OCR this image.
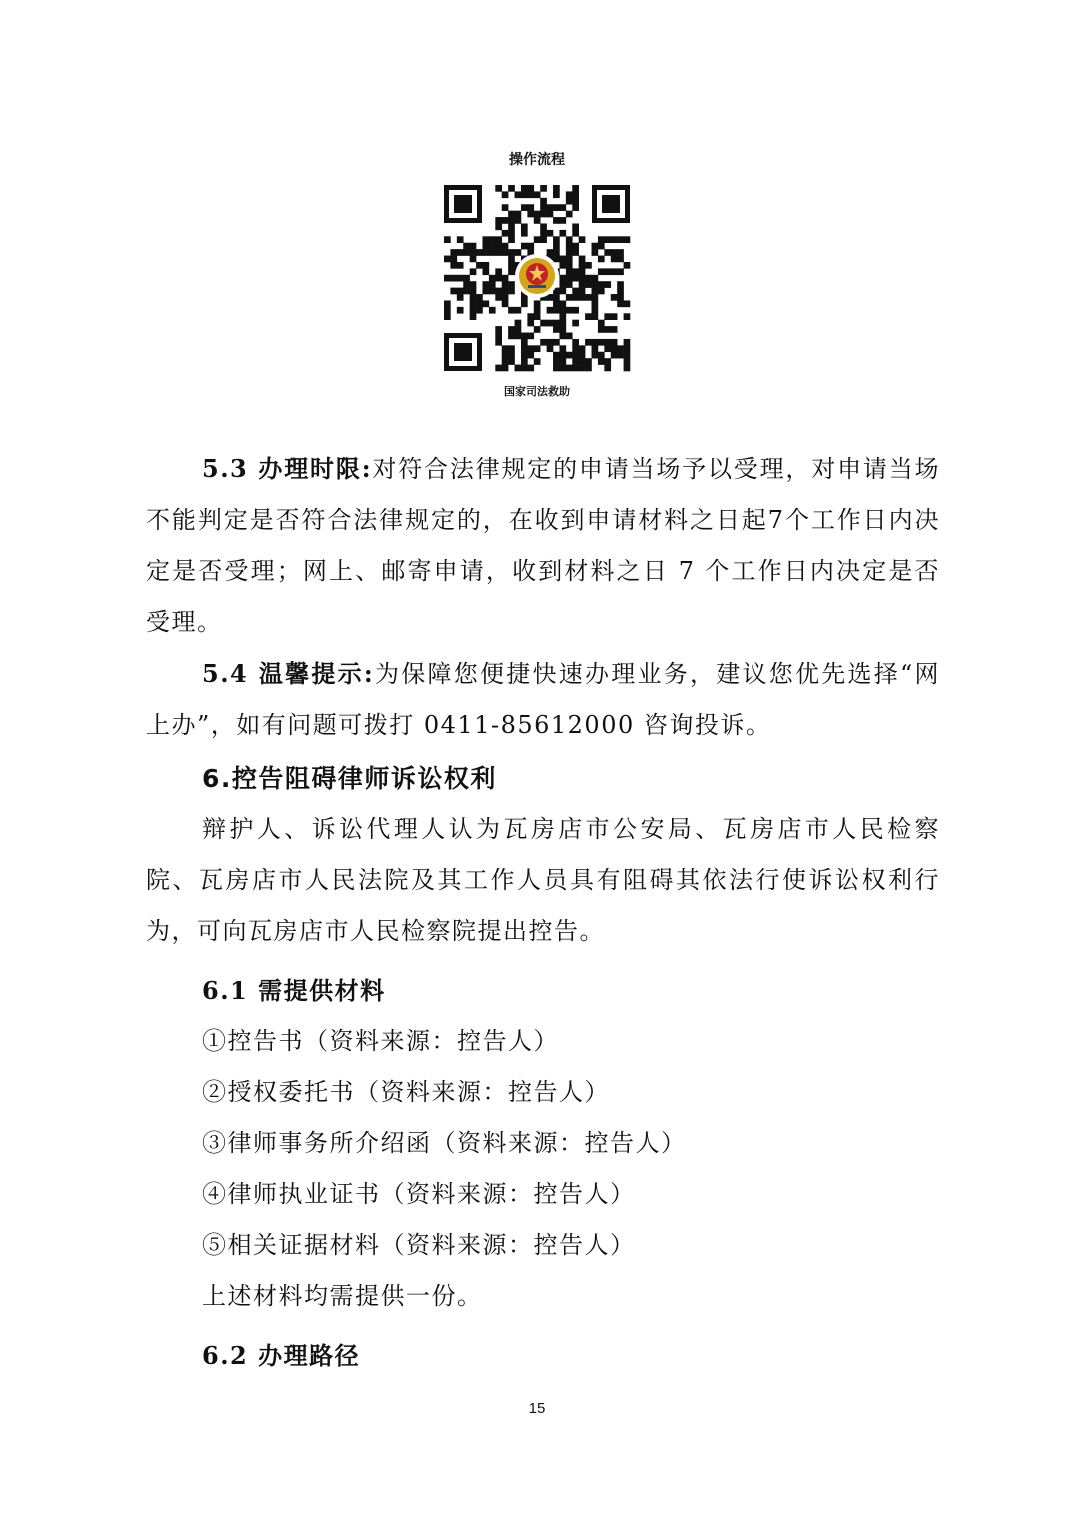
操作流程
国家司法救助

5.3 办理时限:对符合法律规定的申请当场予以受理，对申请当场不能判定是否符合法律规定的，在收到申请材料之日起7个工作日内决定是否受理；网上、邮寄申请，收到材料之日 7 个工作日内决定是否受理。

5.4 温馨提示:为保障您便捷快速办理业务，建议您优先选择“网上办”，如有问题可拨打 0411-85612000 咨询投诉。

6.控告阻碍律师诉讼权利

辩护人、诉讼代理人认为瓦房店市公安局、瓦房店市人民检察院、瓦房店市人民法院及其工作人员具有阻碍其依法行使诉讼权利行为，可向瓦房店市人民检察院提出控告。

6.1 需提供材料

①控告书（资料来源：控告人）

②授权委托书（资料来源：控告人）

③律师事务所介绍函（资料来源：控告人）

④律师执业证书（资料来源：控告人）

⑤相关证据材料（资料来源：控告人）

上述材料均需提供一份。

6.2 办理路径

15
